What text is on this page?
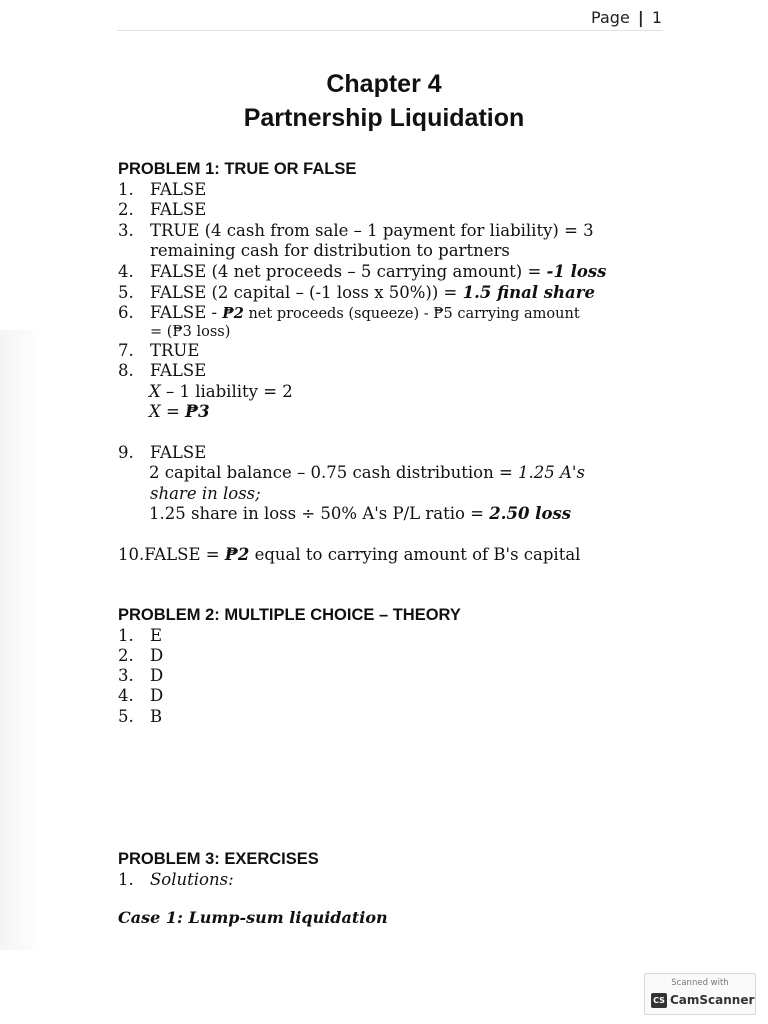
Page | 1
Chapter 4
Partnership Liquidation
PROBLEM 1: TRUE OR FALSE
1. FALSE
2. FALSE
3. TRUE (4 cash from sale – 1 payment for liability) = 3
remaining cash for distribution to partners
4. FALSE (4 net proceeds – 5 carrying amount) = -1 loss
5. FALSE (2 capital – (-1 loss x 50%)) = 1.5 final share
6. FALSE - ₱2 net proceeds (squeeze) - ₱5 carrying amount
= (₱3 loss)
7. TRUE
8. FALSE
X – 1 liability = 2
X = ₱3
9. FALSE
2 capital balance – 0.75 cash distribution = 1.25 A's
share in loss;
1.25 share in loss ÷ 50% A's P/L ratio = 2.50 loss
10.FALSE = ₱2 equal to carrying amount of B's capital
PROBLEM 2: MULTIPLE CHOICE – THEORY
1. E
2. D
3. D
4. D
5. B
PROBLEM 3: EXERCISES
1. Solutions:
Case 1: Lump-sum liquidation
Scanned with
CS CamScanner
